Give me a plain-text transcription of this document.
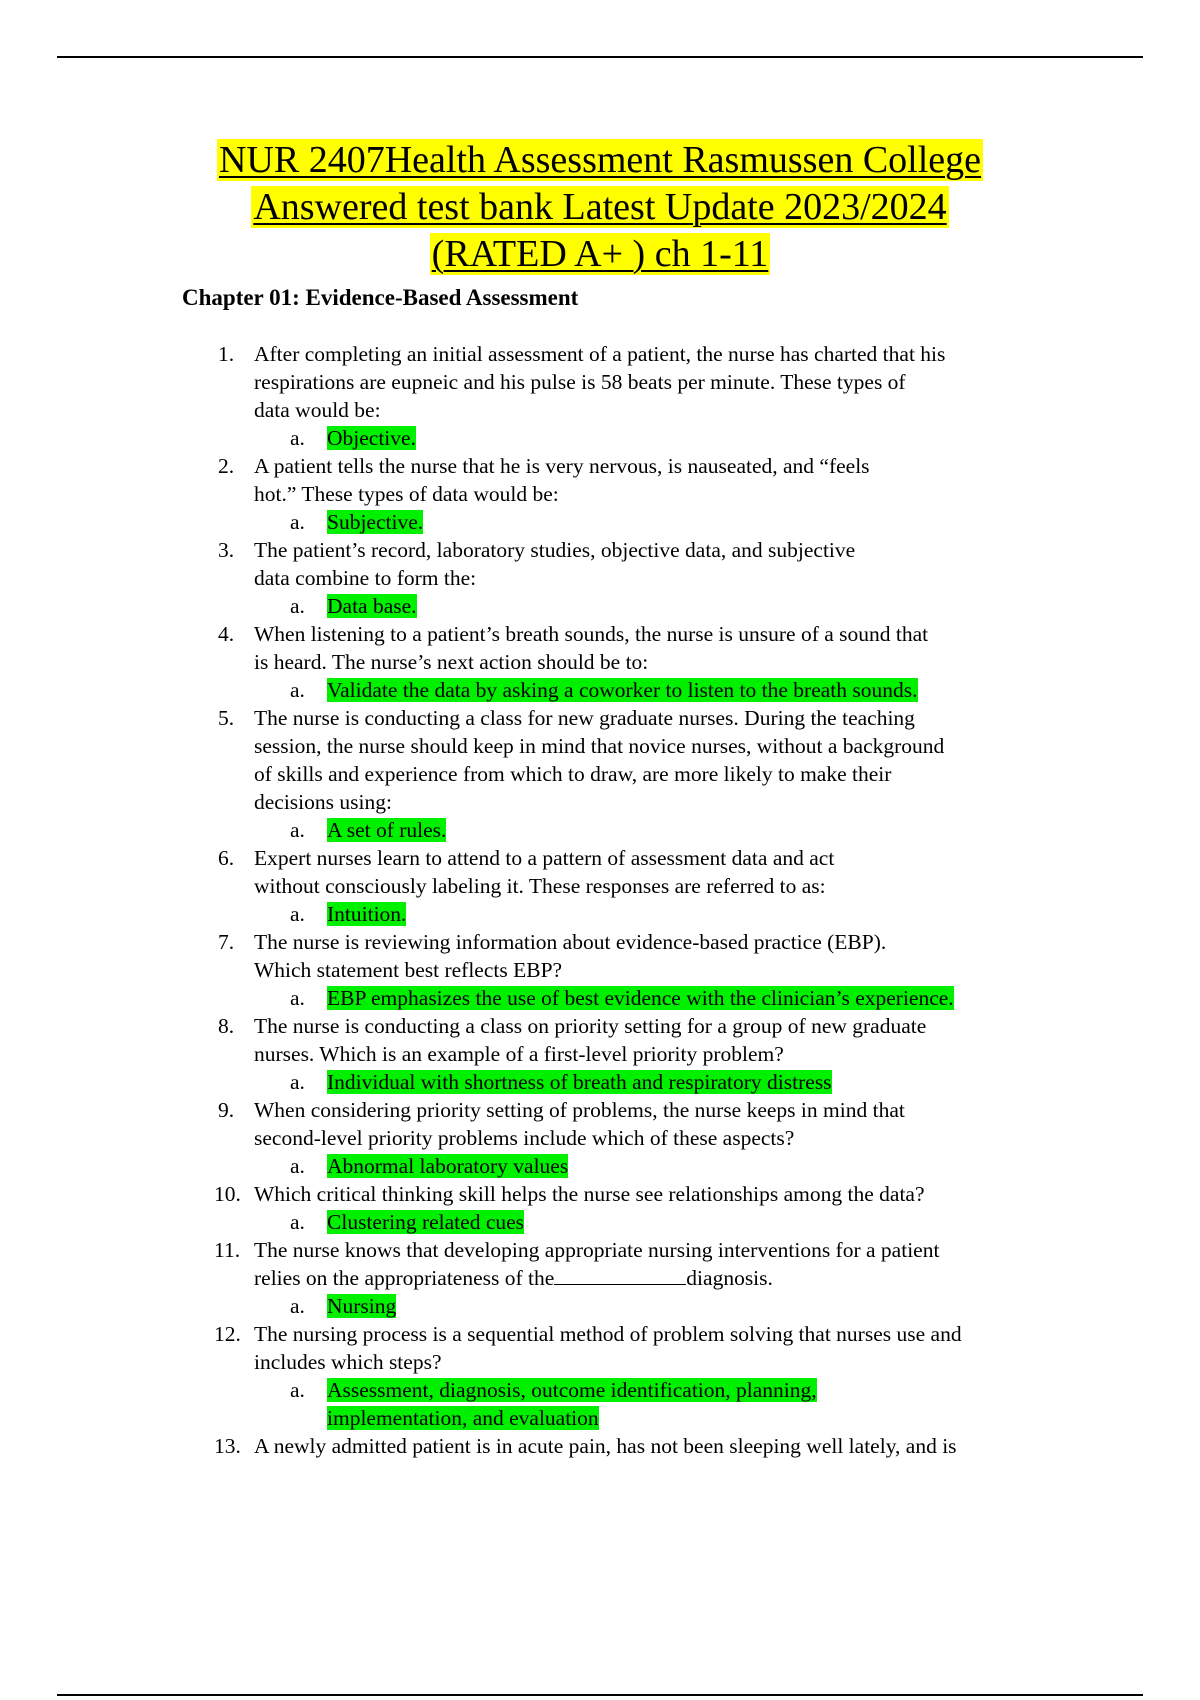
NUR 2407Health Assessment Rasmussen College
Answered test bank Latest Update 2023/2024
(RATED A+ ) ch 1-11
Chapter 01: Evidence-Based Assessment
1. After completing an initial assessment of a patient, the nurse has charted that his
respirations are eupneic and his pulse is 58 beats per minute. These types of
data would be:
a. Objective.
2. A patient tells the nurse that he is very nervous, is nauseated, and “feels
hot.” These types of data would be:
a. Subjective.
3. The patient’s record, laboratory studies, objective data, and subjective
data combine to form the:
a. Data base.
4. When listening to a patient’s breath sounds, the nurse is unsure of a sound that
is heard. The nurse’s next action should be to:
a. Validate the data by asking a coworker to listen to the breath sounds.
5. The nurse is conducting a class for new graduate nurses. During the teaching
session, the nurse should keep in mind that novice nurses, without a background
of skills and experience from which to draw, are more likely to make their
decisions using:
a. A set of rules.
6. Expert nurses learn to attend to a pattern of assessment data and act
without consciously labeling it. These responses are referred to as:
a. Intuition.
7. The nurse is reviewing information about evidence-based practice (EBP).
Which statement best reflects EBP?
a. EBP emphasizes the use of best evidence with the clinician’s experience.
8. The nurse is conducting a class on priority setting for a group of new graduate
nurses. Which is an example of a first-level priority problem?
a. Individual with shortness of breath and respiratory distress
9. When considering priority setting of problems, the nurse keeps in mind that
second-level priority problems include which of these aspects?
a. Abnormal laboratory values
10. Which critical thinking skill helps the nurse see relationships among the data?
a. Clustering related cues
11. The nurse knows that developing appropriate nursing interventions for a patient
relies on the appropriateness of the	diagnosis.
a. Nursing
12. The nursing process is a sequential method of problem solving that nurses use and
includes which steps?
a. Assessment, diagnosis, outcome identification, planning,
implementation, and evaluation
13. A newly admitted patient is in acute pain, has not been sleeping well lately, and is
